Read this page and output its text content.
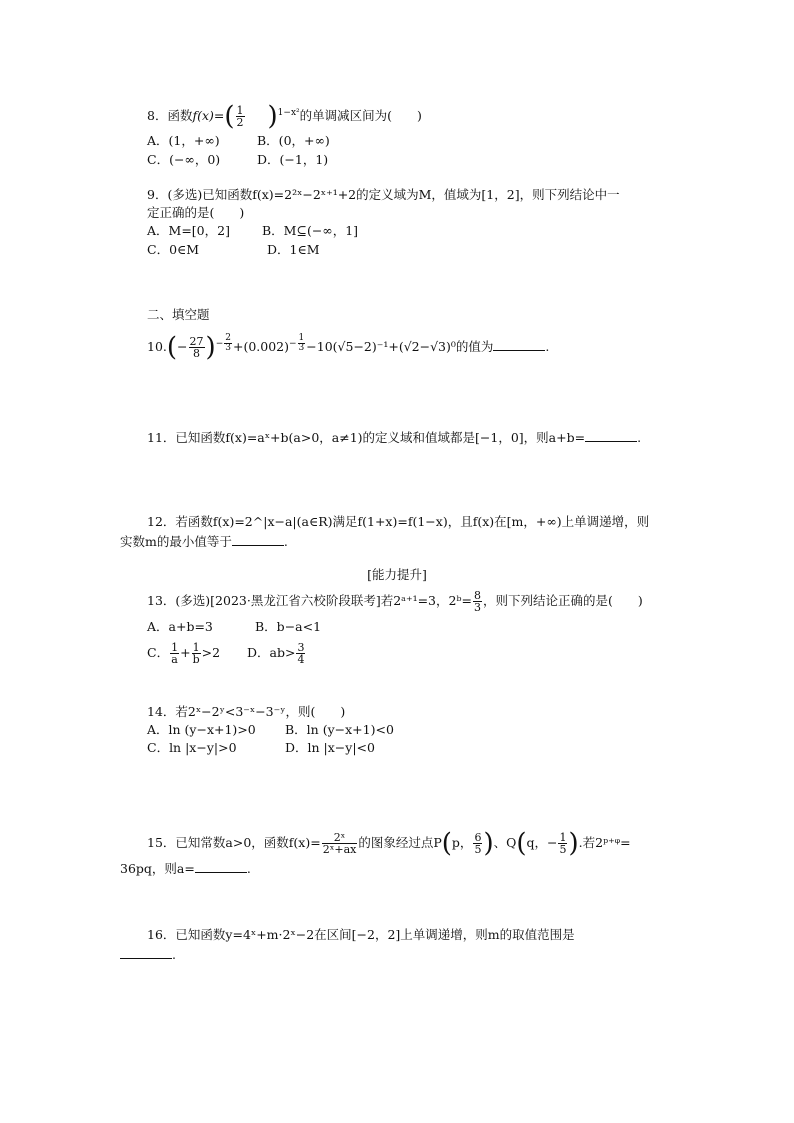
8．函数$f(x)=( \frac{1}{2} )^{1-x^2}$的单调减区间为(　　)
A．(1，+∞)	B．(0，+∞)
C．(−∞，0)	D．(−1，1)
9．(多选)已知函数f(x)=2²ˣ−2ˣ⁺¹+2的定义域为M，值域为[1，2]，则下列结论中一
定正确的是(　　)
A．M=[0，2]	B．M⊆(−∞，1]
C．0∈M	D．1∈M
二、填空题
$10.(- \frac{27}{8} )^{- \frac{2}{3}} +(0.002)^{- \frac{1}{3}} -10(√5-2)^{-1}+(√2-√3)^0$的值为	.
11．已知函数f(x)=aˣ+b(a>0，a≠1)的定义域和值域都是[−1，0]，则a+b=	.
12．若函数f(x)=2^|x−a|(a∈R)满足f(1+x)=f(1−x)，且f(x)在[m，+∞)上单调递增，则
实数m的最小值等于	.
[能力提升]
13．(多选)[2023·黑龙江省六校阶段联考]若2ᵃ⁺¹=3，2ᵇ= $\frac{8}{3}$ ，则下列结论正确的是(　　)
A．a+b=3	B．b−a<1
C． $\frac{1}{a} + \frac{1}{b} >2$ D．$ab> \frac{3}{4}$
14．若2ˣ−2ʸ<3⁻ˣ−3⁻ʸ，则(　　)
A．ln (y−x+1)>0 B．ln (y−x+1)<0
C．ln |x−y|>0	D．ln |x−y|<0
15．已知常数a>0，函数$f(x)= \frac{\text{2ˣ}}{\text{2ˣ+ax}}$ 的图象经过点P(p， $\frac{6}{5}$ )、Q(q，− $\frac{1}{5}$ ).若2ᵖ⁺ᵠ=
36pq，则a=	.
16．已知函数y=4ˣ+m·2ˣ−2在区间[−2，2]上单调递增，则m的取值范围是
.
